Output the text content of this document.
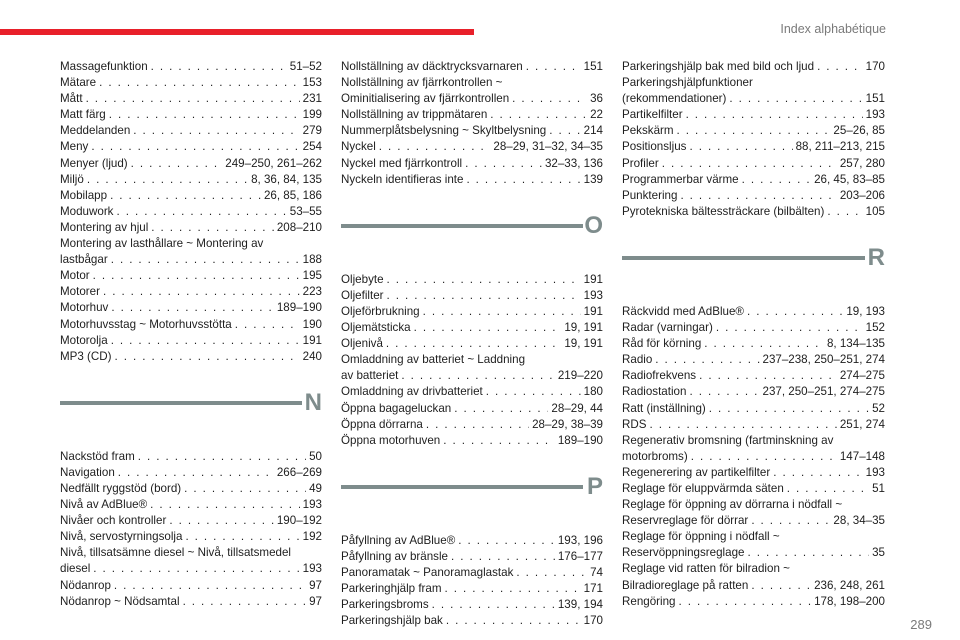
Index alphabétique
Massagefunktion . . .	51–52
Mätare . . .	153
Mått . . .	231
Matt färg . . .	199
Meddelanden . . .	279
Meny . . .	254
Menyer (ljud) . . .	249–250, 261–262
Miljö . . .	8, 36, 84, 135
Mobilapp . . .	26, 85, 186
Moduwork . . .	53–55
Montering av hjul . . .	208–210
Montering av lasthållare ~ Montering av
lastbågar . . .	188
Motor . . .	195
Motorer . . .	223
Motorhuv . . .	189–190
Motorhuvsstag ~ Motorhuvsstötta . . .	190
Motorolja . . .	191
MP3 (CD) . . .	240
N
Nackstöd fram . . .	50
Navigation . . .	266–269
Nedfällt ryggstöd (bord) . . .	49
Nivå av AdBlue® . . .	193
Nivåer och kontroller . . .	190–192
Nivå, servostyrningsolja . . .	192
Nivå, tillsatsämne diesel ~ Nivå, tillsatsmedel
diesel . . .	193
Nödanrop . . .	97
Nödanrop ~ Nödsamtal . . .	97
Nollställning av däcktrycksvarnaren . . .	151
Nollställning av fjärrkontrollen ~
Ominitialisering av fjärrkontrollen . . .	36
Nollställning av trippmätaren . . .	22
Nummerplåtsbelysning ~ Skyltbelysning . . .	214
Nyckel . . .	28–29, 31–32, 34–35
Nyckel med fjärrkontroll . . .	32–33, 136
Nyckeln identifieras inte . . .	139
O
Oljebyte . . .	191
Oljefilter . . .	193
Oljeförbrukning . . .	191
Oljemätsticka . . .	19, 191
Oljenivå . . .	19, 191
Omladdning av batteriet ~ Laddning
av batteriet . . .	219–220
Omladdning av drivbatteriet . . .	180
Öppna bagageluckan . . .	28–29, 44
Öppna dörrarna . . .	28–29, 38–39
Öppna motorhuven . . .	189–190
P
Påfyllning av AdBlue® . . .	193, 196
Påfyllning av bränsle . . .	176–177
Panoramatak ~ Panoramaglastak . . .	74
Parkeringhjälp fram . . .	171
Parkeringsbroms . . .	139, 194
Parkeringshjälp bak . . .	170
Parkeringshjälp bak med bild och ljud . . .	170
Parkeringshjälpfunktioner
(rekommendationer) . . .	151
Partikelfilter . . .	193
Pekskärm . . .	25–26, 85
Positionsljus . . .	88, 211–213, 215
Profiler . . .	257, 280
Programmerbar värme . . .	26, 45, 83–85
Punktering . . .	203–206
Pyrotekniska bältessträckare (bilbälten) . . .	105
R
Räckvidd med AdBlue® . . .	19, 193
Radar (varningar) . . .	152
Råd för körning . . .	8, 134–135
Radio . . .	237–238, 250–251, 274
Radiofrekvens . . .	274–275
Radiostation . . .	237, 250–251, 274–275
Ratt (inställning) . . .	52
RDS . . .	251, 274
Regenerativ bromsning (fartminskning av
motorbroms) . . .	147–148
Regenerering av partikelfilter . . .	193
Reglage för eluppvärmda säten . . .	51
Reglage för öppning av dörrarna i nödfall ~
Reservreglage för dörrar . . .	28, 34–35
Reglage för öppning i nödfall ~
Reservöppningsreglage . . .	35
Reglage vid ratten för bilradion ~
Bilradioreglage på ratten . . .	236, 248, 261
Rengöring . . .	178, 198–200
289
